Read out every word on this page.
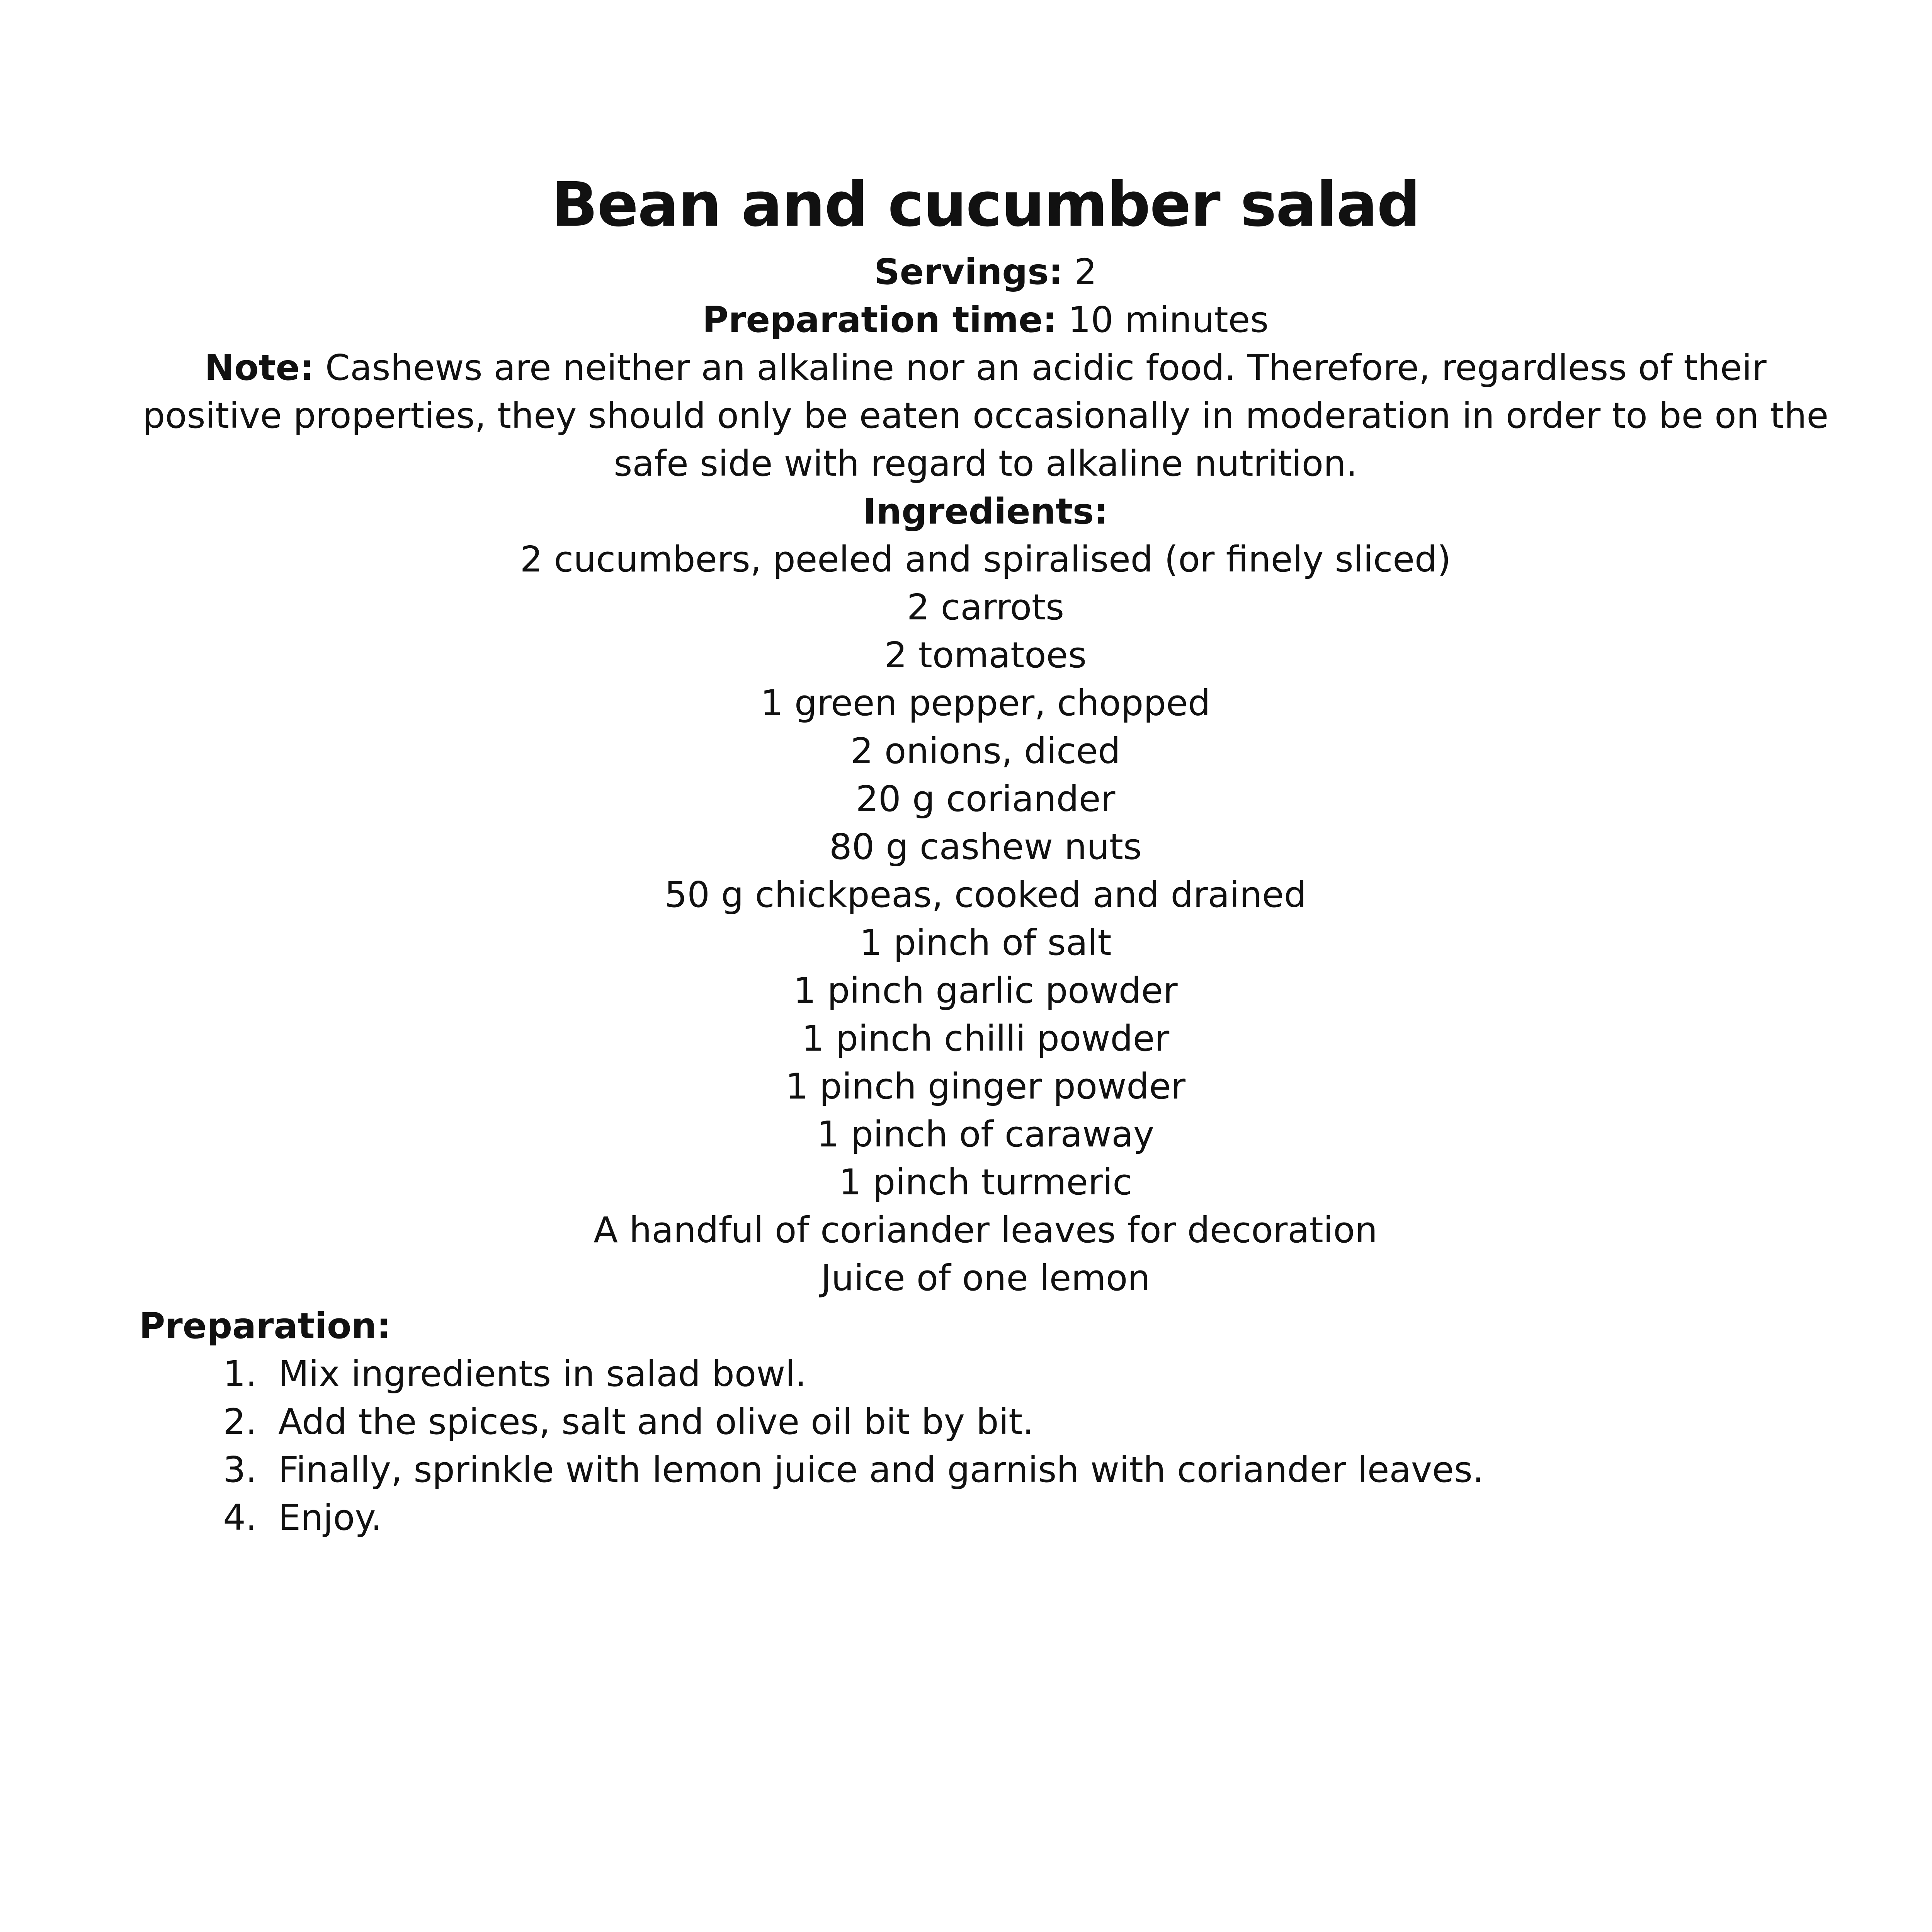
Bean and cucumber salad

Servings: 2

Preparation time: 10 minutes

Note: Cashews are neither an alkaline nor an acidic food. Therefore, regardless of their positive properties, they should only be eaten occasionally in moderation in order to be on the safe side with regard to alkaline nutrition.

Ingredients:
2 cucumbers, peeled and spiralised (or finely sliced)
2 carrots
2 tomatoes
1 green pepper, chopped
2 onions, diced
20 g coriander
80 g cashew nuts
50 g chickpeas, cooked and drained
1 pinch of salt
1 pinch garlic powder
1 pinch chilli powder
1 pinch ginger powder
1 pinch of caraway
1 pinch turmeric
A handful of coriander leaves for decoration
Juice of one lemon
Preparation:
1. Mix ingredients in salad bowl.
2. Add the spices, salt and olive oil bit by bit.
3. Finally, sprinkle with lemon juice and garnish with coriander leaves.
4. Enjoy.
